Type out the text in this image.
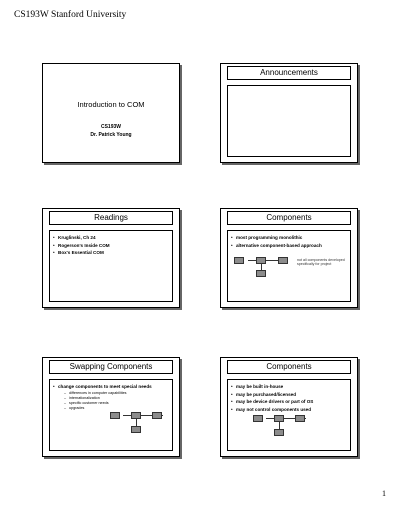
CS193W Stanford University
Introduction to COM
CS193W
Dr. Patrick Young
Announcements
Readings
• Kruglinski, Ch 24
• Rogerson's Inside COM
• Box's Essential COM
Components
• most programming monolithic
• alternative component-based approach
not all components developed specifically for project
Swapping Components
• change components to meet special needs
– differences in computer capabilities
– internationalization
– specific customer needs
– upgrades
Components
• may be built in-house
• may be purchased/licensed
• may be device drivers or part of OS
• may not control components used
1
